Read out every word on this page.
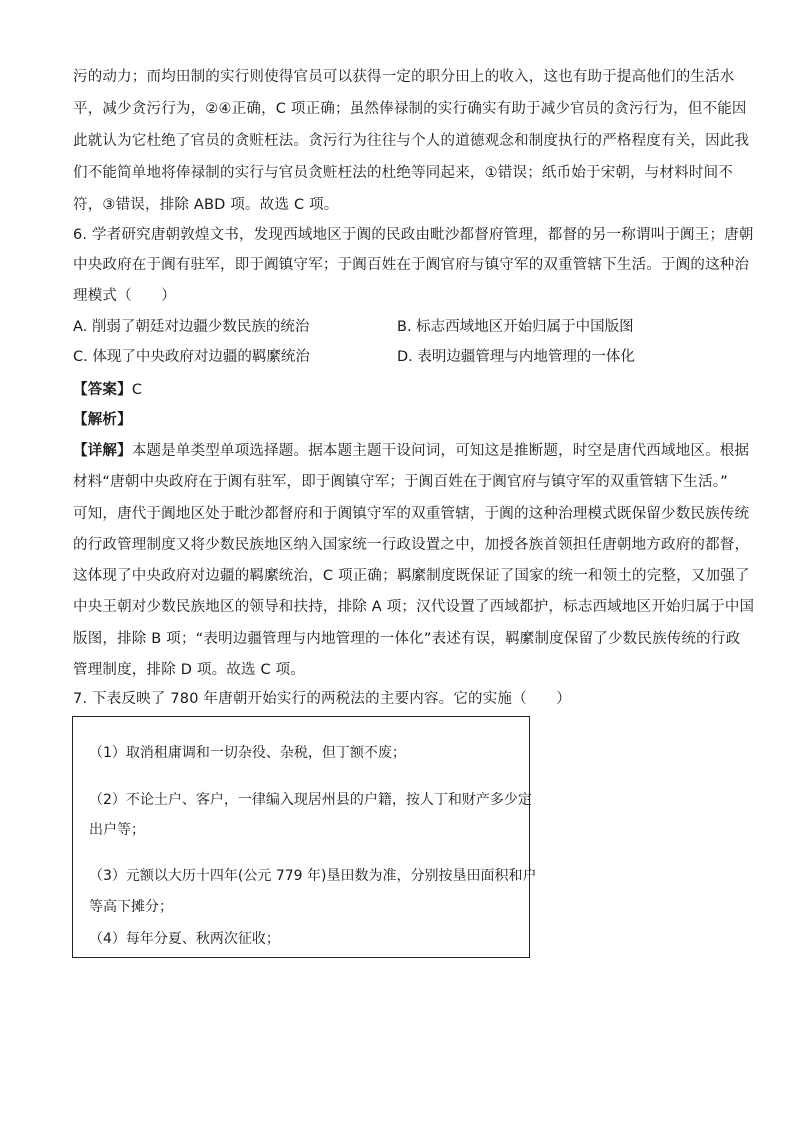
污的动力；而均田制的实行则使得官员可以获得一定的职分田上的收入，这也有助于提高他们的生活水
平，减少贪污行为，②④正确，C 项正确；虽然俸禄制的实行确实有助于减少官员的贪污行为，但不能因
此就认为它杜绝了官员的贪赃枉法。贪污行为往往与个人的道德观念和制度执行的严格程度有关，因此我
们不能简单地将俸禄制的实行与官员贪赃枉法的杜绝等同起来，①错误；纸币始于宋朝，与材料时间不
符，③错误，排除 ABD 项。故选 C 项。
6. 学者研究唐朝敦煌文书，发现西域地区于阗的民政由毗沙都督府管理，都督的另一称谓叫于阗王；唐朝
中央政府在于阗有驻军，即于阗镇守军；于阗百姓在于阗官府与镇守军的双重管辖下生活。于阗的这种治
理模式（　　）
A. 削弱了朝廷对边疆少数民族的统治	B. 标志西域地区开始归属于中国版图
C. 体现了中央政府对边疆的羁縻统治	D. 表明边疆管理与内地管理的一体化
【答案】C
【解析】
【详解】本题是单类型单项选择题。据本题主题干设问词，可知这是推断题，时空是唐代西域地区。根据
材料“唐朝中央政府在于阗有驻军，即于阗镇守军；于阗百姓在于阗官府与镇守军的双重管辖下生活。”
可知，唐代于阗地区处于毗沙都督府和于阗镇守军的双重管辖，于阗的这种治理模式既保留少数民族传统
的行政管理制度又将少数民族地区纳入国家统一行政设置之中，加授各族首领担任唐朝地方政府的都督，
这体现了中央政府对边疆的羁縻统治，C 项正确；羁縻制度既保证了国家的统一和领土的完整，又加强了
中央王朝对少数民族地区的领导和扶持，排除 A 项；汉代设置了西域都护，标志西域地区开始归属于中国
版图，排除 B 项；“表明边疆管理与内地管理的一体化”表述有误，羁縻制度保留了少数民族传统的行政
管理制度，排除 D 项。故选 C 项。
7. 下表反映了 780 年唐朝开始实行的两税法的主要内容。它的实施（　　）
（1）取消租庸调和一切杂役、杂税，但丁额不废；
（2）不论土户、客户，一律编入现居州县的户籍，按人丁和财产多少定
出户等；
（3）元额以大历十四年(公元 779 年)垦田数为准，分别按垦田面积和户
等高下摊分；
（4）每年分夏、秋两次征收；
